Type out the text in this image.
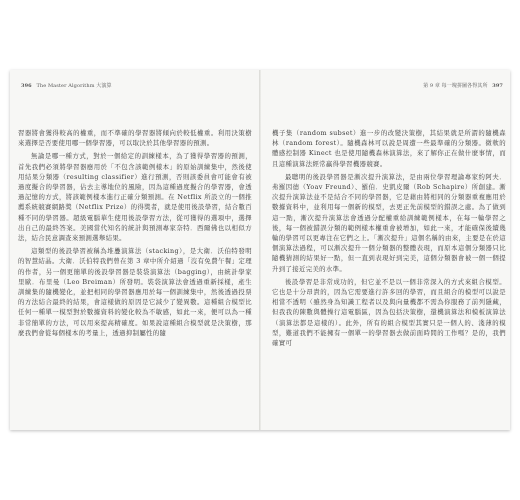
396 The Master Algorithm 大演算

習器將會獲得較高的權重，而不準確的學習器將傾向於較低權重。利用決策樹來選擇是否要使用哪一個學習器，可以取決於其他學習器的預測。

無論是哪一種方式，對於一個給定的訓練樣本，為了獲得學習器的預測，首先我們必須將學習器應用於「不包含該範例樣本」的原始訓練集中，然後使用結果分類器（resulting classifier）進行預測，否則該委員會可能會有被過度擬合的學習器，佔去主導地位的風險，因為這種過度擬合的學習器，會透過記憶的方式，將該範例樣本進行正確分類預測。在 Netflix 所設立的一個推薦系統競賽網路獎（Netflix Prize）的得獎者，就是使用後設學習，結合數百種不同的學習器。超級電腦華生使用後設學習方法，從可獲得的選項中，選擇出自己的最終答案。美國當代知名的統計與預測專家奈特．西爾佛也以相似方法，結合民意調查來預測選舉結果。

這類型的後設學習被稱為堆疊演算法（stacking），是大衛．沃伯特發明的智慧結晶。大衛．沃伯特我們曾在第 3 章中所介紹過「沒有免費午餐」定理的作者，另一個更簡單的後設學習器是裝袋演算法（bagging），由統計學家里歐．布里曼（Leo Breiman）所發明。裝袋演算法會透過重新採樣，產生訓練集的隨機變化，並把相同的學習器應用於每一個訓練集中，然後透過投票的方法結合最終的結果，會這樣做的原因是它減少了變異數。這種組合模型比任何一種單一模型對於數據資料的變化較為不敏感，如此一來，便可以為一種非常簡單的方法，可以用來提高精確度。如果說這種組合模型就是決策樹，那麼我們會從每個樣本的考量上，透過抑制屬性的隨

第 9 章 每一塊拼圖各得其所 397

機子集（random subset）進一步的改變決策樹，其結果就是所謂的隨機森林（random forest）。隨機森林可以說是周遭一些最準確的分類器。微軟的體感控制器 Kinect 也是使用隨機森林演算法，來了解你正在做什麼事情，而且這種演算法經常贏得學習機器競賽。

最聰明的後設學習器是漸次提升演算法，是由兩位學習理論專家約阿夫．弗羅因德（Yoav Freund）、羅伯．史凱皮爾（Rob Schapire）所創建。漸次提升演算法並不是結合不同的學習器，它是藉由將相同的分類器重複應用於數據資料中，並利用每一個新的模型，去更正先前模型的錯誤之處。為了做到這一點，漸次提升演算法會透過分配權重給訓練範例樣本，在每一輪學習之後，每一個被錯誤分類的範例樣本權重會被增加，如此一來，才能確保後續幾輪的學習可以更專注在它們之上。「漸次提升」這個名稱的由來，主要是在於這個演算法過程，可以漸次提升一個分類器的整體表現，而原本這個分類器只比隨機猜測的結果好一點，但一直到表現好到完美，這個分類器會被一個一個提升到了接近完美的水準。

後設學習是非常成功的，但它並不是以一個非常深入的方式來組合模型。它也是十分昂貴的，因為它需要進行許多回的學習，而且組合的模型可以說是相當不透明（雖然身為知識工程者以及與向量機都不需為你服務了前列隱藏，但我我的陳數與體操行這電腦區，因為包括決策樹，還機演算法和模板演算法（演算法都是這樣的）。此外，所有的組合模型其實只是一個人的、淺薄的模型，難道我們不能擁有一個單一的學習器去做前面時間的工作嗎？是的，我們確實可
